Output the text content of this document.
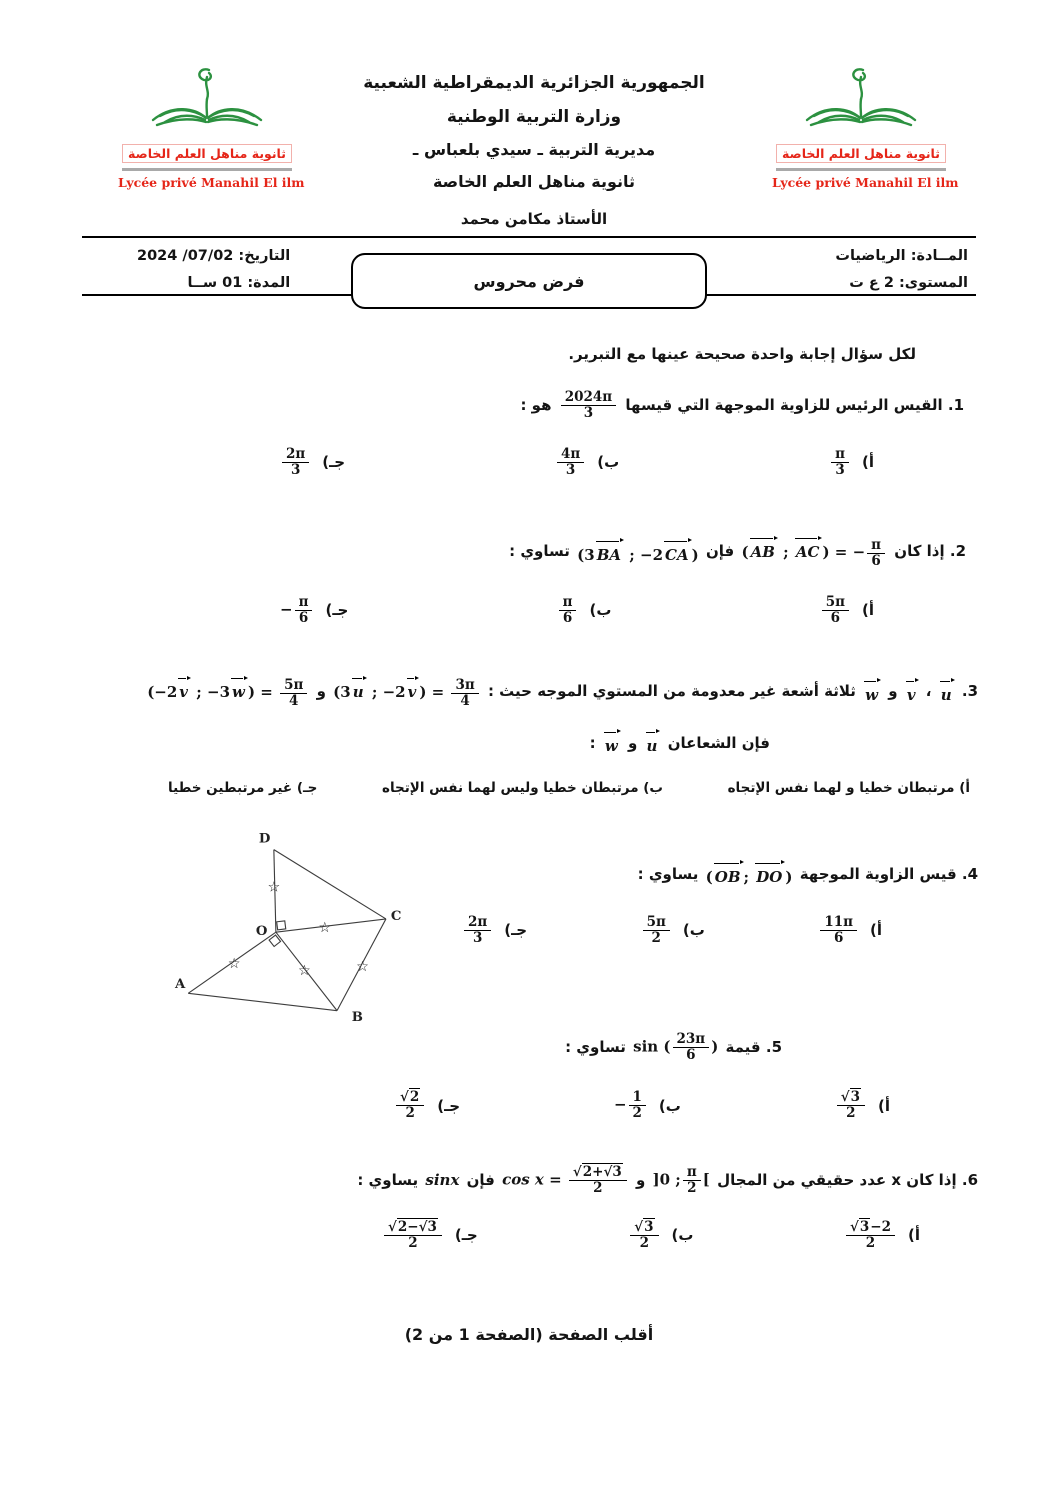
ثانوية مناهل العلم الخاصة
Lycée privé Manahil El ilm
الجمهورية الجزائرية الديمقراطية الشعبية
وزارة التربية الوطنية
مديرية التربية ـ سيدي بلعباس ـ
ثانوية مناهل العلم الخاصة
الأستاذ مكامن محمد
ثانوية مناهل العلم الخاصة
Lycée privé Manahil El ilm
المــادة: الرياضيات
المستوى: 2 ع ت
التاريخ: 07/02/ 2024
المدة: 01 ســا	فرض محروس
لكل سؤال إجابة واحدة صحيحة عينها مع التبرير.
1. القيس الرئيس للزاوية الموجهة التي قيسها
$\frac{2024\pi}{3}$
هو :
أ)
$\frac{\pi}{3}$
ب)
$\frac{4\pi}{3}$
جـ)
$\frac{2\pi}{3}$
2. إذا كان ( AB ; AC ) = − $\frac{\pi}{6}$
فإن (3 BA ; −2 CA ) تساوي :
أ)
$\frac{5\pi}{6}$
ب)
$\frac{\pi}{6}$
جـ)
− $\frac{\pi}{6}$
3. u ، v و w ثلاثة أشعة غير معدومة من المستوي الموجه حيث : (3 u ; −2 v ) = $\frac{3\pi}{4}$
و (−2 v ; −3 w ) = $\frac{5\pi}{4}$
فإن الشعاعان u و w :
أ) مرتبطان خطيا و لهما نفس الإتجاه
ب) مرتبطان خطيا وليس لهما نفس الإتجاه
جـ) غير مرتبطين خطيا
☆
☆
☆	☆	☆
D
O
C
A
B
4. قيس الزاوية الموجهة ( OB ; DO ) يساوي :
أ)
$\frac{11\pi}{6}$
ب)
$\frac{5\pi}{2}$
جـ)
$\frac{2\pi}{3}$
5. قيمة sin ( $\frac{23\pi}{6}$ ) تساوي :
أ)
$\frac{√3}{2}$
ب)
− $\frac{1}{2}$
جـ)
$\frac{√2}{2}$
6. إذا كان x عدد حقيقي من المجال ]0 ; $\frac{\pi}{2}$ [ و $\cos x = \frac{√2+√3}{2}$
فإن sinx يساوي :
أ)
$\frac{√3-2}{2}$
ب)
$\frac{√3}{2}$
جـ)
$\frac{√2-√3}{2}$
أقلب الصفحة (الصفحة 1 من 2)
